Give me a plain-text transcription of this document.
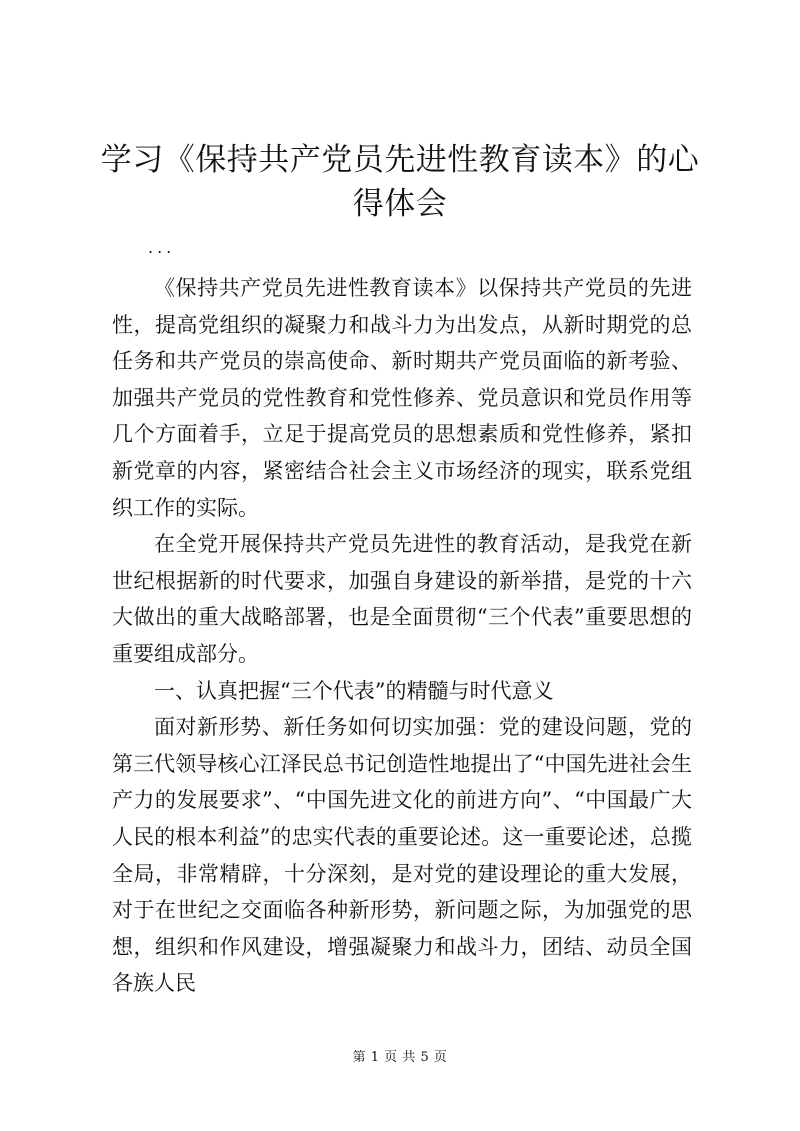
学习《保持共产党员先进性教育读本》的心得体会
...

《保持共产党员先进性教育读本》以保持共产党员的先进性，提高党组织的凝聚力和战斗力为出发点，从新时期党的总任务和共产党员的崇高使命、新时期共产党员面临的新考验、加强共产党员的党性教育和党性修养、党员意识和党员作用等几个方面着手，立足于提高党员的思想素质和党性修养，紧扣新党章的内容，紧密结合社会主义市场经济的现实，联系党组织工作的实际。

在全党开展保持共产党员先进性的教育活动，是我党在新世纪根据新的时代要求，加强自身建设的新举措，是党的十六大做出的重大战略部署，也是全面贯彻“三个代表”重要思想的重要组成部分。

一、认真把握“三个代表”的精髓与时代意义

面对新形势、新任务如何切实加强：党的建设问题，党的第三代领导核心江泽民总书记创造性地提出了“中国先进社会生产力的发展要求”、“中国先进文化的前进方向”、“中国最广大人民的根本利益”的忠实代表的重要论述。这一重要论述，总揽全局，非常精辟，十分深刻，是对党的建设理论的重大发展，对于在世纪之交面临各种新形势，新问题之际，为加强党的思想，组织和作风建设，增强凝聚力和战斗力，团结、动员全国各族人民

第 1 页 共 5 页
